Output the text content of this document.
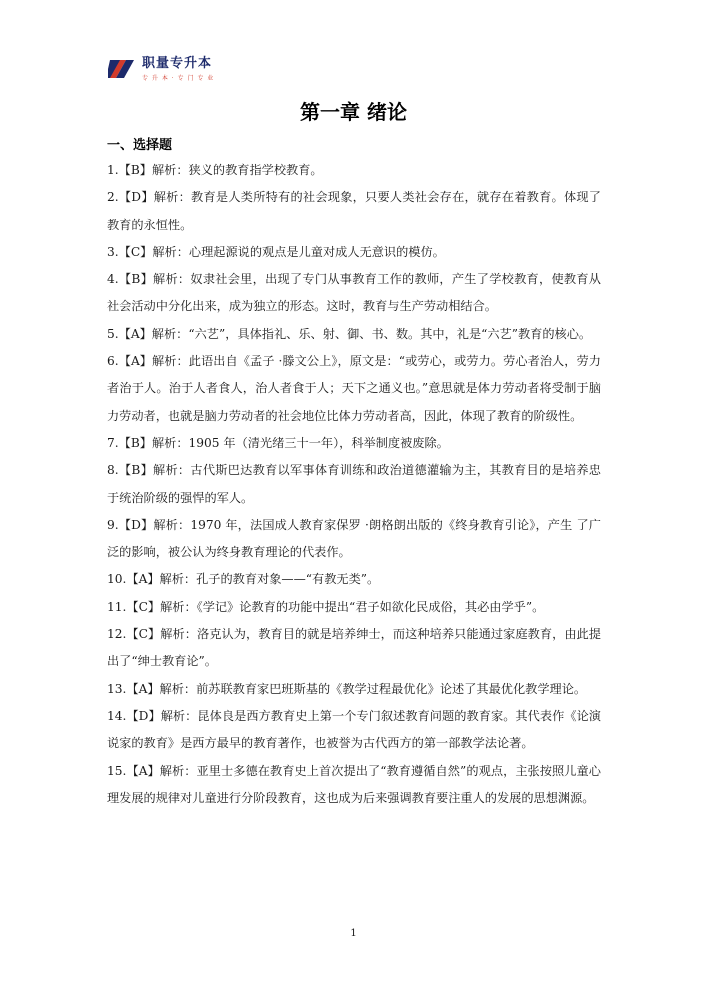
职量专升本
专 升 本 · 专 门 专 业
第一章 绪论
一、选择题
1.【B】解析：狭义的教育指学校教育。
2.【D】解析：教育是人类所特有的社会现象，只要人类社会存在，就存在着教育。体现了教育的永恒性。
3.【C】解析：心理起源说的观点是儿童对成人无意识的模仿。
4.【B】解析：奴隶社会里，出现了专门从事教育工作的教师，产生了学校教育，使教育从社会活动中分化出来，成为独立的形态。这时，教育与生产劳动相结合。
5.【A】解析：“六艺”，具体指礼、乐、射、御、书、数。其中，礼是“六艺”教育的核心。
6.【A】解析：此语出自《孟子 ·滕文公上》，原文是：“或劳心，或劳力。劳心者治人，劳力者治于人。治于人者食人，治人者食于人；天下之通义也。”意思就是体力劳动者将受制于脑力劳动者，也就是脑力劳动者的社会地位比体力劳动者高，因此，体现了教育的阶级性。
7.【B】解析：1905 年（清光绪三十一年），科举制度被废除。
8.【B】解析：古代斯巴达教育以军事体育训练和政治道德灌输为主，其教育目的是培养忠于统治阶级的强悍的军人。
9.【D】解析：1970 年，法国成人教育家保罗 ·朗格朗出版的《终身教育引论》，产生 了广泛的影响，被公认为终身教育理论的代表作。
10.【A】解析：孔子的教育对象——“有教无类”。
11.【C】解析：《学记》论教育的功能中提出“君子如欲化民成俗，其必由学乎”。
12.【C】解析：洛克认为，教育目的就是培养绅士，而这种培养只能通过家庭教育，由此提出了“绅士教育论”。
13.【A】解析：前苏联教育家巴班斯基的《教学过程最优化》论述了其最优化教学理论。
14.【D】解析：昆体良是西方教育史上第一个专门叙述教育问题的教育家。其代表作《论演说家的教育》是西方最早的教育著作，也被誉为古代西方的第一部教学法论著。
15.【A】解析：亚里士多德在教育史上首次提出了“教育遵循自然”的观点，主张按照儿童心理发展的规律对儿童进行分阶段教育，这也成为后来强调教育要注重人的发展的思想渊源。
1
